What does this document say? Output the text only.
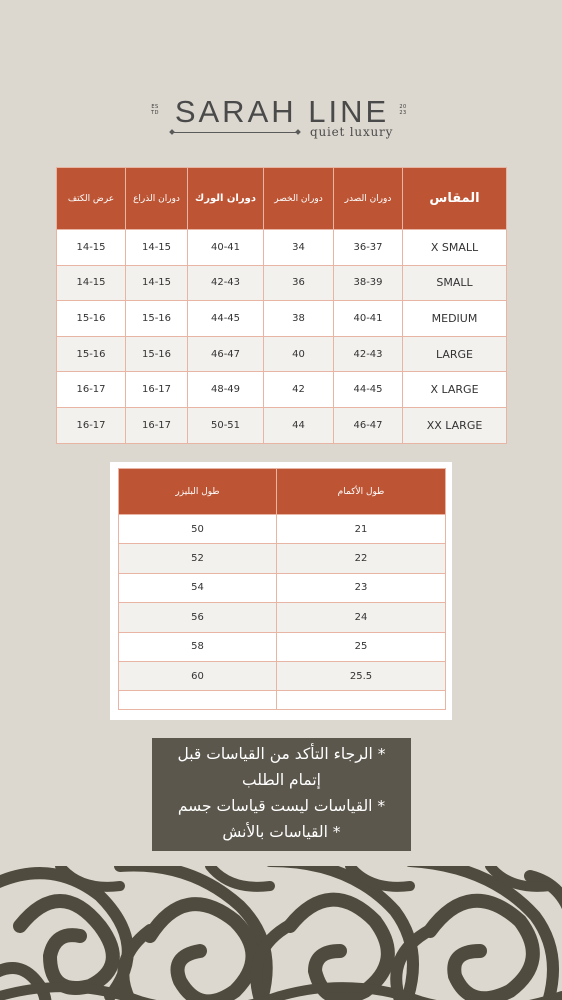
ES
TD SARAH LINE	20
23
quiet luxury
المقاس	دوران الصدر	دوران الخصر	دوران الورك	دوران الذراع	عرض الكتف
X SMALL	36-37	34	40-41	14-15	14-15
SMALL	38-39	36	42-43	14-15	14-15
MEDIUM	40-41	38	44-45	15-16	15-16
LARGE	42-43	40	46-47	15-16	15-16
X LARGE	44-45	42	48-49	16-17	16-17
XX LARGE	46-47	44	50-51	16-17	16-17
طول الأكمام	طول البليزر
21	50
22	52
23	54
24	56
25	58
25.5	60

* الرجاء التأكد من القياسات قبل
إتمام الطلب
* القياسات ليست قياسات جسم
* القياسات بالأنش
